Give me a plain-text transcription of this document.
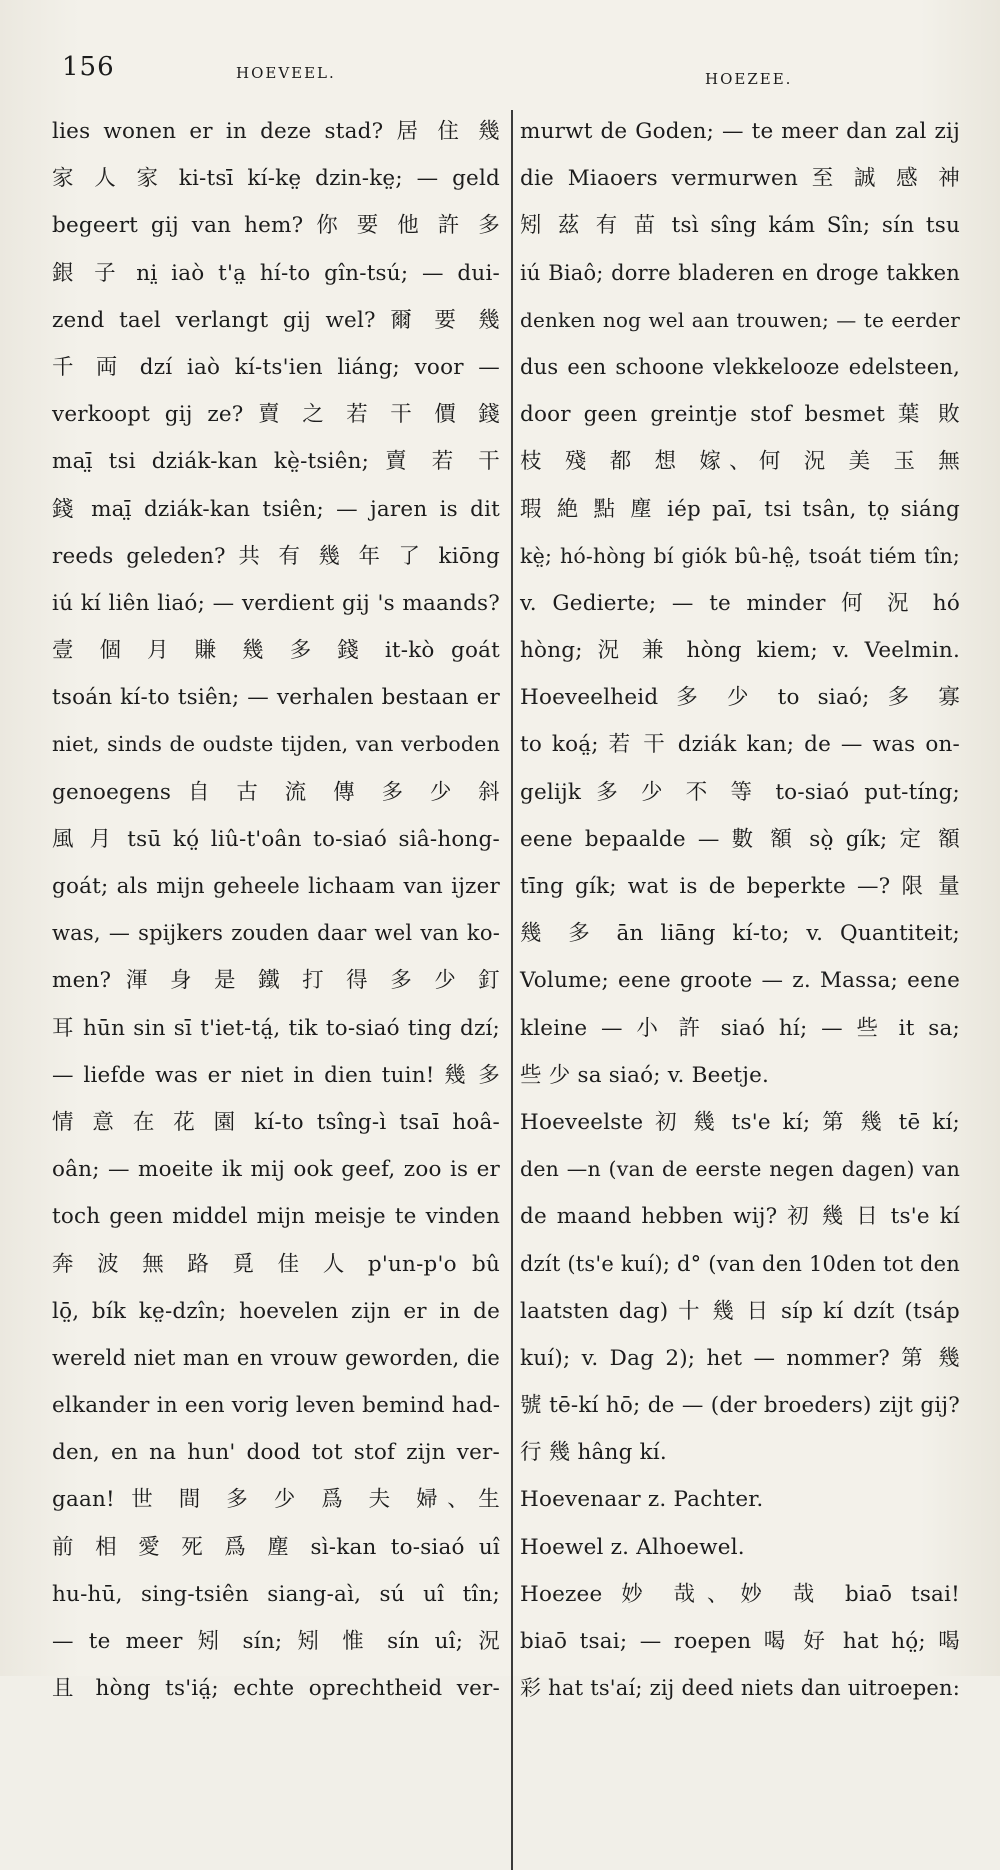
156	HOEVEEL.	HOEZEE.
lies wonen er in deze stad? 居 住 幾
家 人 家 ki-tsī kí-ke̤ dzin-ke̤; — geld
begeert gij van hem? 你 要 他 許 多
銀 子 ni̤ iaò t'a̤ hí-to gîn-tsú; — dui-
zend tael verlangt gij wel? 爾 要 幾
千 両 dzí iaò kí-ts'ien liáng; voor —
verkoopt gij ze? 賣 之 若 干 價 錢
maī̤ tsi dziák-kan kè̤-tsiên; 賣 若 干
錢 maī̤ dziák-kan tsiên; — jaren is dit
reeds geleden? 共 有 幾 年 了 kiōng
iú kí liên liaó; — verdient gij 's maands?
壹 個 月 賺 幾 多 錢 it-kò goát
tsoán kí-to tsiên; — verhalen bestaan er
niet, sinds de oudste tijden, van verboden
genoegens 自 古 流 傳 多 少 斜
風 月 tsū kó̤ liû-t'oân to-siaó siâ-hong-
goát; als mijn geheele lichaam van ijzer
was, — spijkers zouden daar wel van ko-
men? 渾 身 是 鐵 打 得 多 少 釘
耳 hūn sin sī t'iet-tá̤, tik to-siaó ting dzí;
— liefde was er niet in dien tuin! 幾 多
情 意 在 花 園 kí-to tsîng-ì tsaī hoâ-
oân; — moeite ik mij ook geef, zoo is er
toch geen middel mijn meisje te vinden
奔 波 無 路 覓 佳 人 p'un-p'o bû
lō̤, bík ke̤-dzîn; hoevelen zijn er in de
wereld niet man en vrouw geworden, die
elkander in een vorig leven bemind had-
den, en na hun' dood tot stof zijn ver-
gaan! 世 間 多 少 爲 夫 婦、生
前 相 愛 死 爲 塵 sì-kan to-siaó uî
hu-hū, sing-tsiên siang-aì, sú uî tîn;
— te meer 矧 sín; 矧 惟 sín uî; 況
且 hòng ts'iá̤; echte oprechtheid ver-
murwt de Goden; — te meer dan zal zij
die Miaoers vermurwen 至 誠 感 神
矧 茲 有 苗 tsì sîng kám Sîn; sín tsu
iú Biaô; dorre bladeren en droge takken
denken nog wel aan trouwen; — te eerder
dus een schoone vlekkelooze edelsteen,
door geen greintje stof besmet 葉 敗
枝 殘 都 想 嫁、何 況 美 玉 無
瑕 絶 點 塵 iép paī, tsi tsân, to̤ siáng
kè̤; hó-hòng bí giók bû-hê̤, tsoát tiém tîn;
v. Gedierte; — te minder 何 況 hó
hòng; 況 兼 hòng kiem; v. Veelmin.
Hoeveelheid 多 少 to siaó; 多 寡
to koá̤; 若 干 dziák kan; de — was on-
gelijk 多 少 不 等 to-siaó put-tíng;
eene bepaalde — 數 額 sò̤ gík; 定 額
tīng gík; wat is de beperkte —? 限 量
幾 多 ān liāng kí-to; v. Quantiteit;
Volume; eene groote — z. Massa; eene
kleine — 小 許 siaó hí; — 些 it sa;
些 少 sa siaó; v. Beetje.
Hoeveelste 初 幾 ts'e kí; 第 幾 tē kí;
den —n (van de eerste negen dagen) van
de maand hebben wij? 初 幾 日 ts'e kí
dzít (ts'e kuí); d° (van den 10den tot den
laatsten dag) 十 幾 日 síp kí dzít (tsáp
kuí); v. Dag 2); het — nommer? 第 幾
號 tē-kí hō; de — (der broeders) zijt gij?
行 幾 hâng kí.
Hoevenaar z. Pachter.
Hoewel z. Alhoewel.
Hoezee 妙 哉、妙 哉 biaō tsai!
biaō tsai; — roepen 喝 好 hat hó̤; 喝
彩 hat ts'aí; zij deed niets dan uitroepen:
